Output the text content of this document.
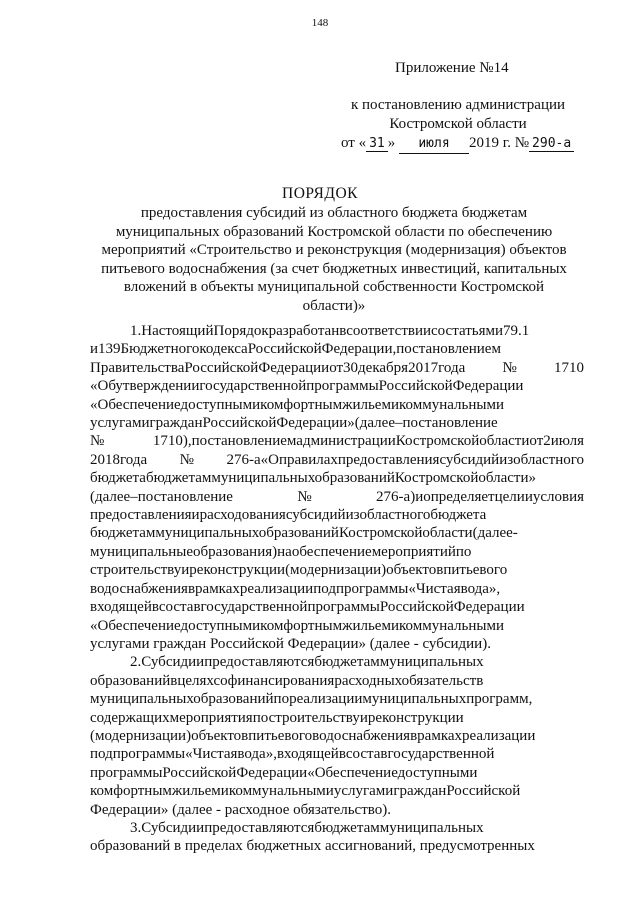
148
Приложение №14
к постановлению администрации
Костромской области
от « 31 » июля 2019 г. № 290-а
ПОРЯДОК
предоставления субсидий из областного бюджета бюджетам
муниципальных образований Костромской области по обеспечению
мероприятий «Строительство и реконструкция (модернизация) объектов
питьевого водоснабжения (за счет бюджетных инвестиций, капитальных
вложений в объекты муниципальной собственности Костромской
области)»
1.НастоящийПорядокразработанвсоответствиисостатьями79.1
и139БюджетногокодексаРоссийскойФедерации,постановлением
ПравительстваРоссийскойФедерацииот30декабря2017года№1710
«ОбутверждениигосударственнойпрограммыРоссийскойФедерации
«Обеспечениедоступнымикомфортнымжильемикоммунальными
услугамигражданРоссийскойФедерации»(далее–постановление
№1710),постановлениемадминистрацииКостромскойобластиот2июля
2018года№276-а«Оправилахпредоставлениясубсидийизобластного
бюджетабюджетаммуниципальныхобразованийКостромскойобласти»
(далее–постановление№276-а)иопределяетцелииусловия
предоставленияирасходованиясубсидийизобластногобюджета
бюджетаммуниципальныхобразованийКостромскойобласти(далее-
муниципальныеобразования)наобеспечениемероприятийпо
строительствуиреконструкции(модернизации)объектовпитьевого
водоснабженияврамкахреализацииподпрограммы«Чистаявода»,
входящейвсоставгосударственнойпрограммыРоссийскойФедерации
«Обеспечениедоступнымикомфортнымжильемикоммунальными
услугами граждан Российской Федерации» (далее - субсидии).
2.Субсидиипредоставляютсябюджетаммуниципальных
образованийвцеляхсофинансированиярасходныхобязательств
муниципальныхобразованийпореализациимуниципальныхпрограмм,
содержащихмероприятияпостроительствуиреконструкции
(модернизации)объектовпитьевоговодоснабженияврамкахреализации
подпрограммы«Чистаявода»,входящейвсоставгосударственной
программыРоссийскойФедерации«Обеспечениедоступными
комфортнымжильемикоммунальнымиуслугамигражданРоссийской
Федерации» (далее - расходное обязательство).
3.Субсидиипредоставляютсябюджетаммуниципальных
образований в пределах бюджетных ассигнований, предусмотренных
